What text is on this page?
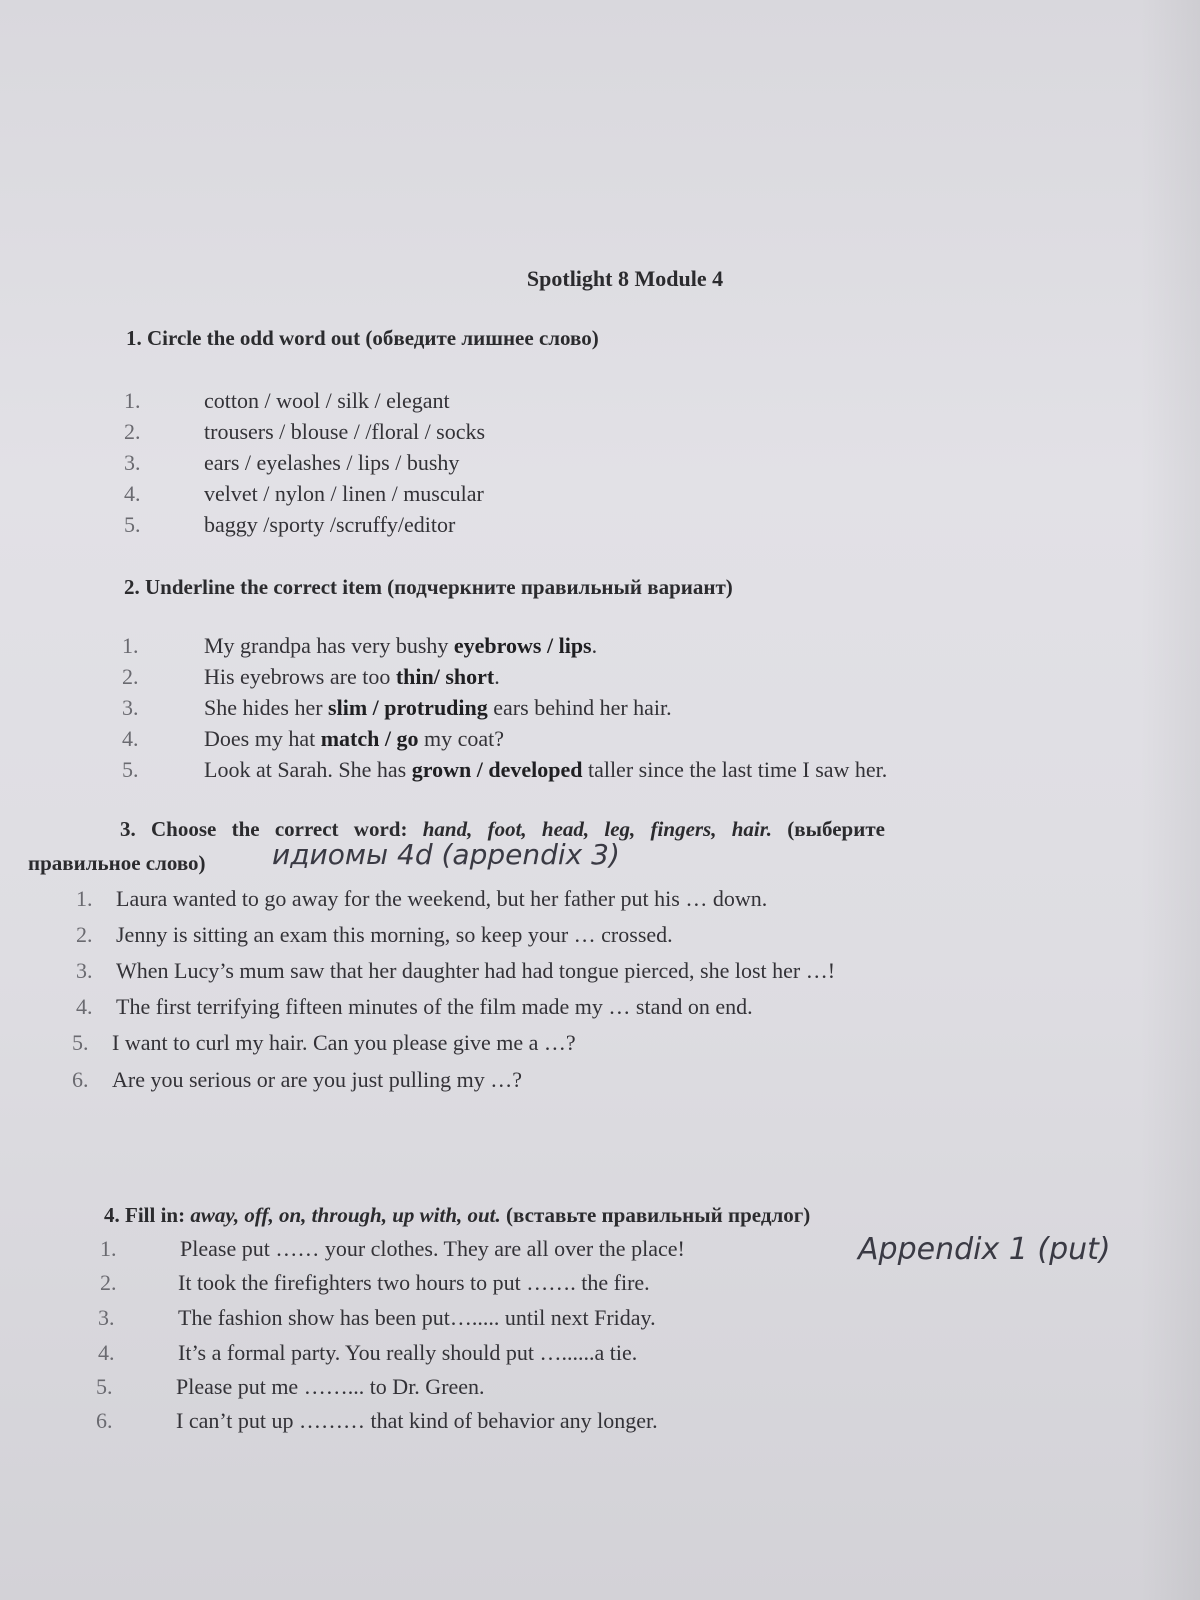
Spotlight 8 Module 4
1. Circle the odd word out (обведите лишнее слово)
1.	cotton / wool / silk / elegant
2.	trousers / blouse / /floral / socks
3.	ears / eyelashes / lips / bushy
4.	velvet / nylon / linen / muscular
5.	baggy /sporty /scruffy/editor
2. Underline the correct item (подчеркните правильный вариант)
1.	My grandpa has very bushy eyebrows / lips.
2.	His eyebrows are too thin/ short.
3.	She hides her slim / protruding ears behind her hair.
4.	Does my hat match / go my coat?
5.	Look at Sarah. She has grown / developed taller since the last time I saw her.
3. Choose the correct word: hand, foot, head, leg, fingers, hair. (выберите
правильное слово) идиомы 4d (appendix 3)
1. Laura wanted to go away for the weekend, but her father put his … down.
2. Jenny is sitting an exam this morning, so keep your … crossed.
3. When Lucy’s mum saw that her daughter had had tongue pierced, she lost her …!
4. The first terrifying fifteen minutes of the film made my … stand on end.
5. I want to curl my hair. Can you please give me a …?
6. Are you serious or are you just pulling my …?
4. Fill in: away, off, on, through, up with, out. (вставьте правильный предлог)
Appendix 1 (put)
1.	Please put …… your clothes. They are all over the place!
2.	It took the firefighters two hours to put ……. the fire.
3.	The fashion show has been put…..... until next Friday.
4.	It’s a formal party. You really should put …......a tie.
5.	Please put me ……... to Dr. Green.
6.	I can’t put up ……… that kind of behavior any longer.
